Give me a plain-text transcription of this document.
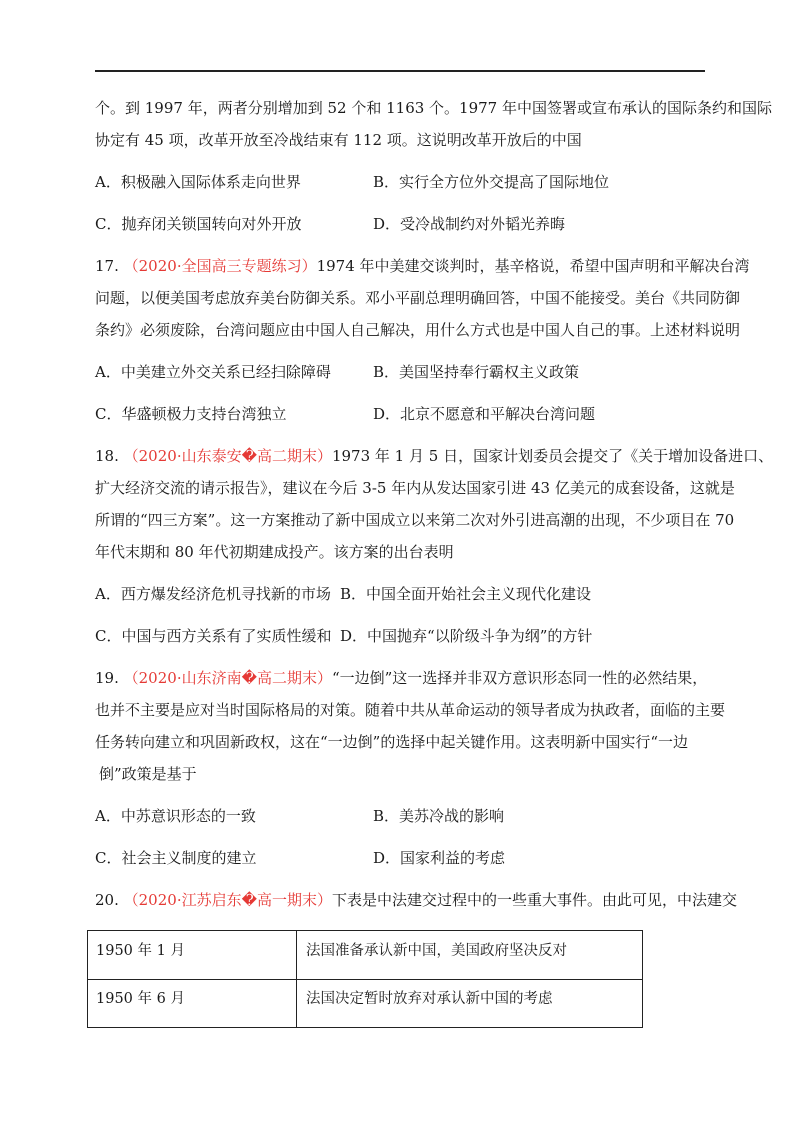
个。到 1997 年，两者分别增加到 52 个和 1163 个。1977 年中国签署或宣布承认的国际条约和国际
协定有 45 项，改革开放至冷战结束有 112 项。这说明改革开放后的中国
A．积极融入国际体系走向世界	B．实行全方位外交提高了国际地位
C．抛弃闭关锁国转向对外开放	D．受冷战制约对外韬光养晦
17. （2020·全国高三专题练习）1974 年中美建交谈判时，基辛格说，希望中国声明和平解决台湾
问题，以便美国考虑放弃美台防御关系。邓小平副总理明确回答，中国不能接受。美台《共同防御
条约》必须废除，台湾问题应由中国人自己解决，用什么方式也是中国人自己的事。上述材料说明
A．中美建立外交关系已经扫除障碍	B．美国坚持奉行霸权主义政策
C．华盛顿极力支持台湾独立	D．北京不愿意和平解决台湾问题
18. （2020·山东泰安�高二期末）1973 年 1 月 5 日，国家计划委员会提交了《关于增加设备进口、
扩大经济交流的请示报告》，建议在今后 3-5 年内从发达国家引进 43 亿美元的成套设备，这就是
所谓的“四三方案”。这一方案推动了新中国成立以来第二次对外引进高潮的出现，不少项目在 70
年代末期和 80 年代初期建成投产。该方案的出台表明
A．西方爆发经济危机寻找新的市场 B．中国全面开始社会主义现代化建设
C．中国与西方关系有了实质性缓和 D．中国抛弃“以阶级斗争为纲”的方针
19. （2020·山东济南�高二期末）“一边倒”这一选择并非双方意识形态同一性的必然结果，
也并不主要是应对当时国际格局的对策。随着中共从革命运动的领导者成为执政者，面临的主要
任务转向建立和巩固新政权，这在“一边倒”的选择中起关键作用。这表明新中国实行“一边
倒”政策是基于
A．中苏意识形态的一致	B．美苏冷战的影响
C．社会主义制度的建立	D．国家利益的考虑
20. （2020·江苏启东�高一期末）下表是中法建交过程中的一些重大事件。由此可见，中法建交
1950 年 1 月	法国准备承认新中国，美国政府坚决反对
1950 年 6 月	法国决定暂时放弃对承认新中国的考虑
